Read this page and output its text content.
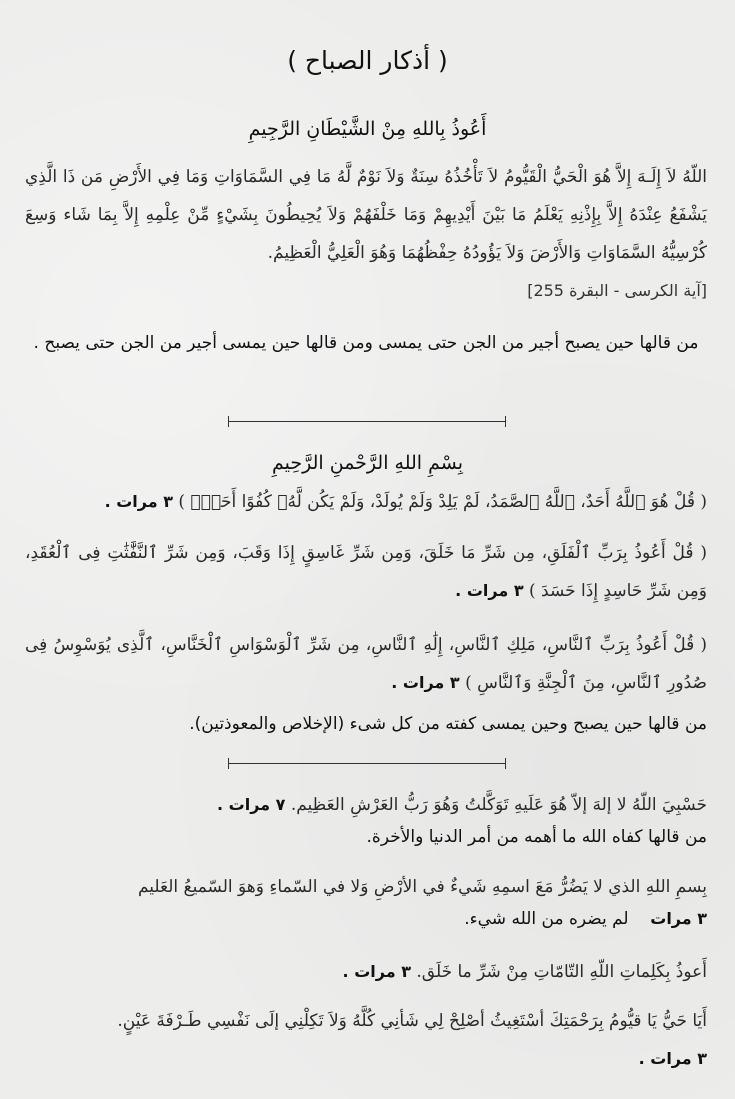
( أذكار الصباح )
أَعُوذُ بِاللهِ مِنْ الشَّيْطَانِ الرَّجِيمِ
اللّهُ لاَ إِلَـهَ إِلاَّ هُوَ الْحَيُّ الْقَيُّومُ لاَ تَأْخُذُهُ سِنَةٌ وَلاَ نَوْمٌ لَّهُ مَا فِي السَّمَاوَاتِ وَمَا فِي الأَرْضِ مَن ذَا الَّذِي يَشْفَعُ عِنْدَهُ إِلاَّ بِإِذْنِهِ يَعْلَمُ مَا بَيْنَ أَيْدِيهِمْ وَمَا خَلْفَهُمْ وَلاَ يُحِيطُونَ بِشَيْءٍ مِّنْ عِلْمِهِ إِلاَّ بِمَا شَاء وَسِعَ كُرْسِيُّهُ السَّمَاوَاتِ وَالأَرْضَ وَلاَ يَؤُودُهُ حِفْظُهُمَا وَهُوَ الْعَلِيُّ الْعَظِيمُ.
[آية الكرسى - البقرة 255]
من قالها حين يصبح أجير من الجن حتى يمسى ومن قالها حين يمسى أجير من الجن حتى يصبح .
بِسْمِ اللهِ الرَّحْمنِ الرَّحِيمِ
( قُلْ هُوَ ٱللَّهُ أَحَدٌ، ٱللَّهُ ٱلصَّمَدُ، لَمْ يَلِدْ وَلَمْ يُولَدْ، وَلَمْ يَكُن لَّهُۥ كُفُوًا أَحَدٌۢ ) ٣ مرات .
( قُلْ أَعُوذُ بِرَبِّ ٱلْفَلَقِ، مِن شَرِّ مَا خَلَقَ، وَمِن شَرِّ غَاسِقٍ إِذَا وَقَبَ، وَمِن شَرِّ ٱلنَّفَّٰثَٰتِ فِى ٱلْعُقَدِ، وَمِن شَرِّ حَاسِدٍ إِذَا حَسَدَ ) ٣ مرات .
( قُلْ أَعُوذُ بِرَبِّ ٱلنَّاسِ، مَلِكِ ٱلنَّاسِ، إِلَٰهِ ٱلنَّاسِ، مِن شَرِّ ٱلْوَسْوَاسِ ٱلْخَنَّاسِ، ٱلَّذِى يُوَسْوِسُ فِى صُدُورِ ٱلنَّاسِ، مِنَ ٱلْجِنَّةِ وَٱلنَّاسِ ) ٣ مرات .
من قالها حين يصبح وحين يمسى كفته من كل شىء (الإخلاص والمعوذتين).
حَسْبِيَ اللّهُ لا إلهَ إلاّ هُوَ عَلَيهِ تَوَكَّلتُ وَهُوَ رَبُّ العَرْشِ العَظِيم. ٧ مرات .
من قالها كفاه الله ما أهمه من أمر الدنيا والأخرة.
بِسمِ اللهِ الذي لا يَضُرُّ مَعَ اسمِهِ شَيءٌ في الأرْضِ وَلا في السّماءِ وَهوَ السّميعُ العَليم
٣ مرات    لم يضره من الله شيء.
أَعوذُ بِكَلِماتِ اللّهِ التّامّاتِ مِنْ شَرِّ ما خَلَق. ٣ مرات .
أَيَا حَيُّ يَا قيُّومُ بِرَحْمَتِكَ أسْتَغِيثُ أصْلِحْ لِي شَأنِي كُلَّهُ وَلاَ تَكِلْنِي إلَى نَفْسِي طَـرْفَةَ عَيْنٍ.
٣ مرات .
